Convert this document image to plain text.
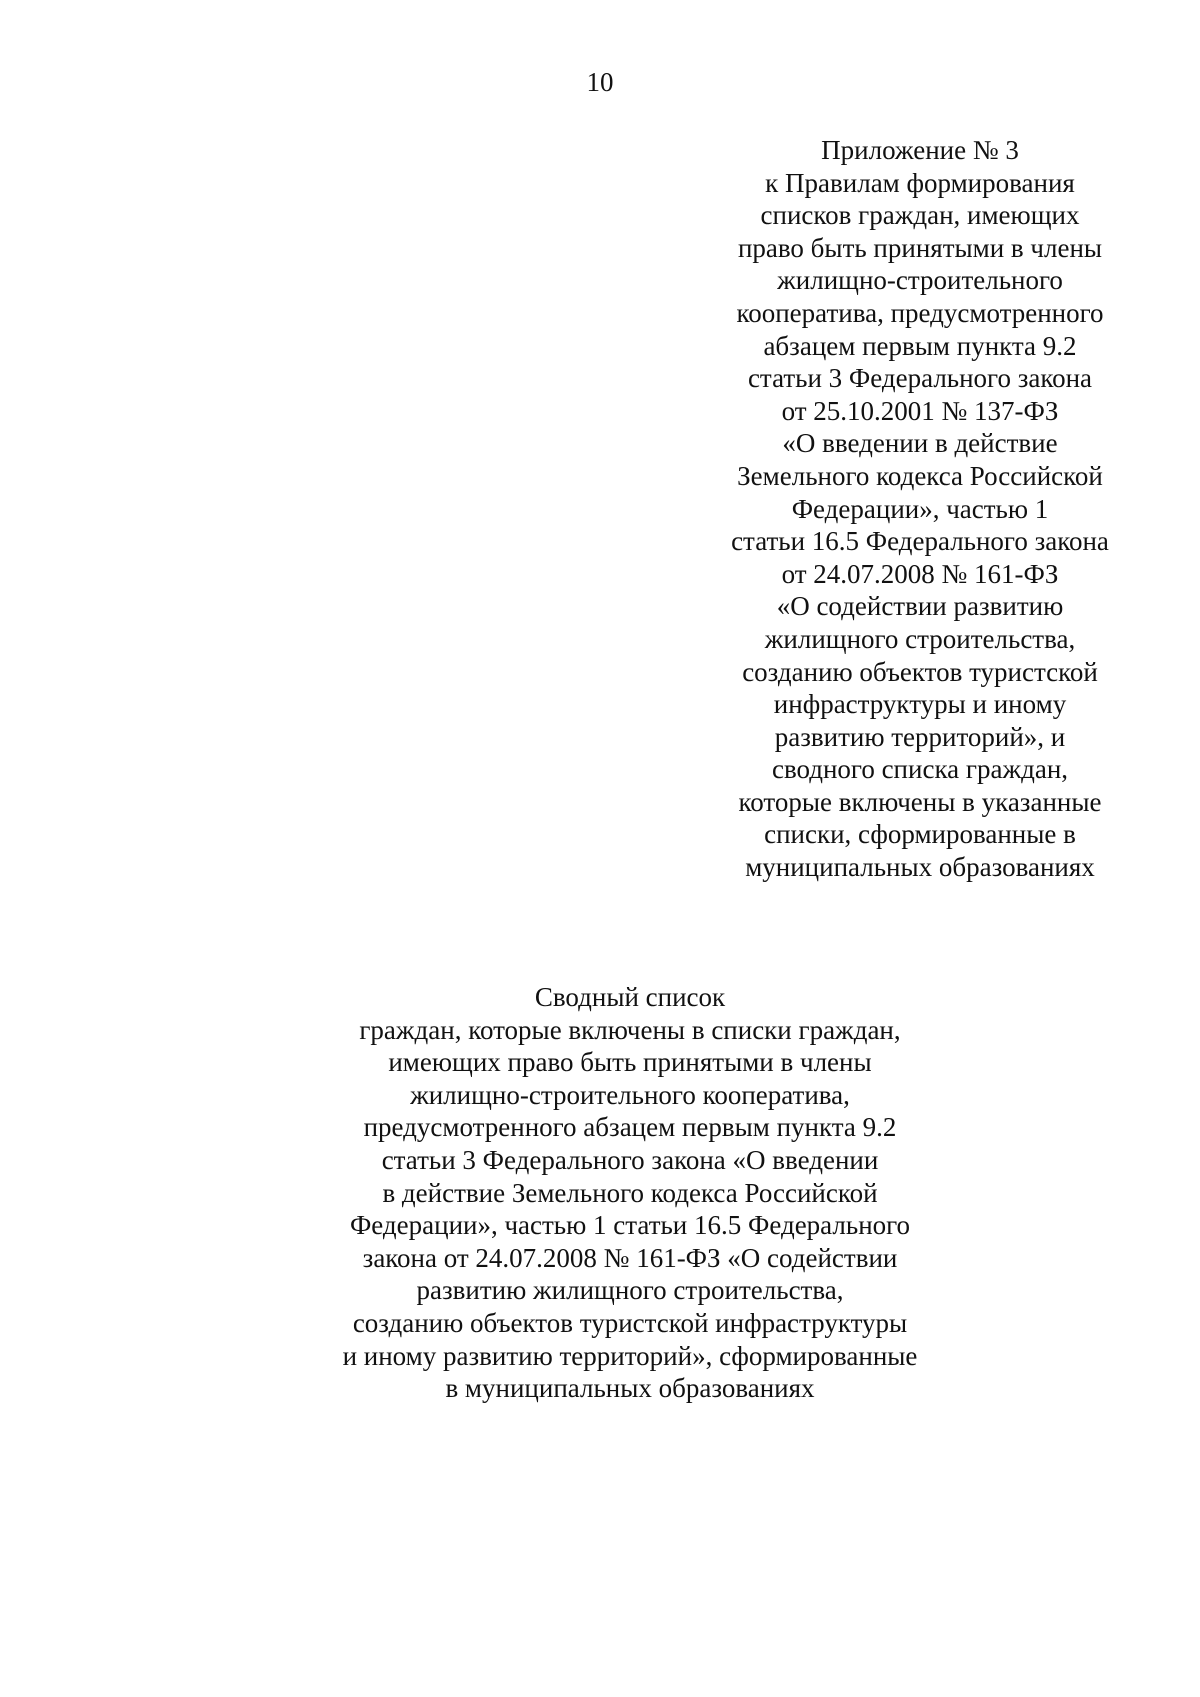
10
Приложение № 3
к Правилам формирования
списков граждан, имеющих
право быть принятыми в члены
жилищно-строительного
кооператива, предусмотренного
абзацем первым пункта 9.2
статьи 3 Федерального закона
от 25.10.2001 № 137-ФЗ
«О введении в действие
Земельного кодекса Российской
Федерации», частью 1
статьи 16.5 Федерального закона
от 24.07.2008 № 161-ФЗ
«О содействии развитию
жилищного строительства,
созданию объектов туристской
инфраструктуры и иному
развитию территорий», и
сводного списка граждан,
которые включены в указанные
списки, сформированные в
муниципальных образованиях
Сводный список
граждан, которые включены в списки граждан,
имеющих право быть принятыми в члены
жилищно-строительного кооператива,
предусмотренного абзацем первым пункта 9.2
статьи 3 Федерального закона «О введении
в действие Земельного кодекса Российской
Федерации», частью 1 статьи 16.5 Федерального
закона от 24.07.2008 № 161-ФЗ «О содействии
развитию жилищного строительства,
созданию объектов туристской инфраструктуры
и иному развитию территорий», сформированные
в муниципальных образованиях
